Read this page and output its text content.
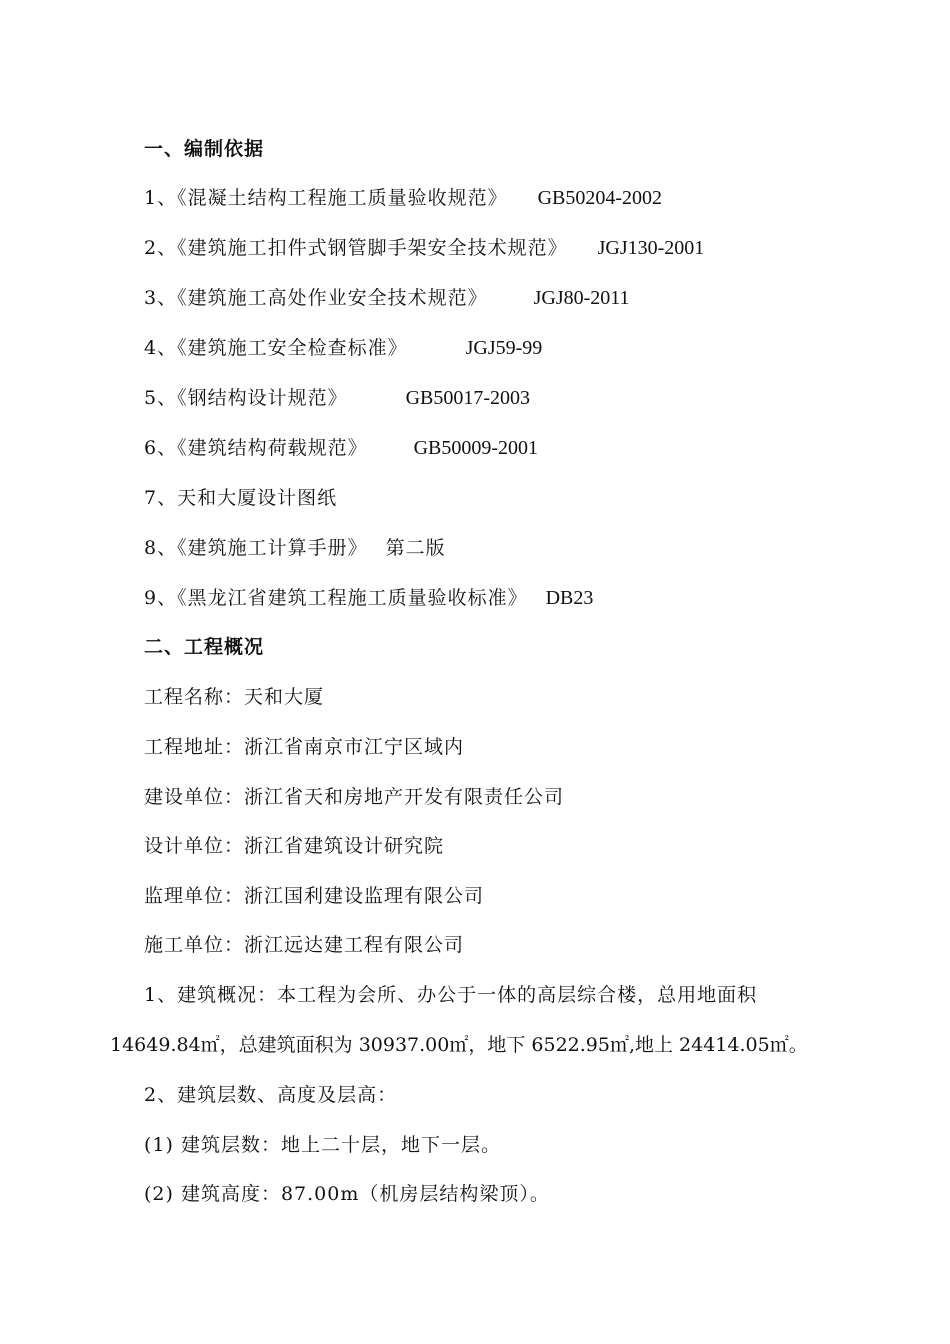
一、编制依据
1、《混凝土结构工程施工质量验收规范》 GB50204-2002
2、《建筑施工扣件式钢管脚手架安全技术规范》 JGJ130-2001
3、《建筑施工高处作业安全技术规范》 JGJ80-2011
4、《建筑施工安全检查标准》	JGJ59-99
5、《钢结构设计规范》	GB50017-2003
6、《建筑结构荷载规范》 GB50009-2001
7、天和大厦设计图纸
8、《建筑施工计算手册》 第二版
9、《黑龙江省建筑工程施工质量验收标准》 DB23
二、工程概况
工程名称：天和大厦
工程地址：浙江省南京市江宁区域内
建设单位：浙江省天和房地产开发有限责任公司
设计单位：浙江省建筑设计研究院
监理单位：浙江国利建设监理有限公司
施工单位：浙江远达建工程有限公司
1、建筑概况：本工程为会所、办公于一体的高层综合楼，总用地面积
14649.84㎡，总建筑面积为 30937.00㎡，地下 6522.95㎡,地上 24414.05㎡。
2、建筑层数、高度及层高：
(1) 建筑层数：地上二十层，地下一层。
(2) 建筑高度：87.00m（机房层结构梁顶）。
